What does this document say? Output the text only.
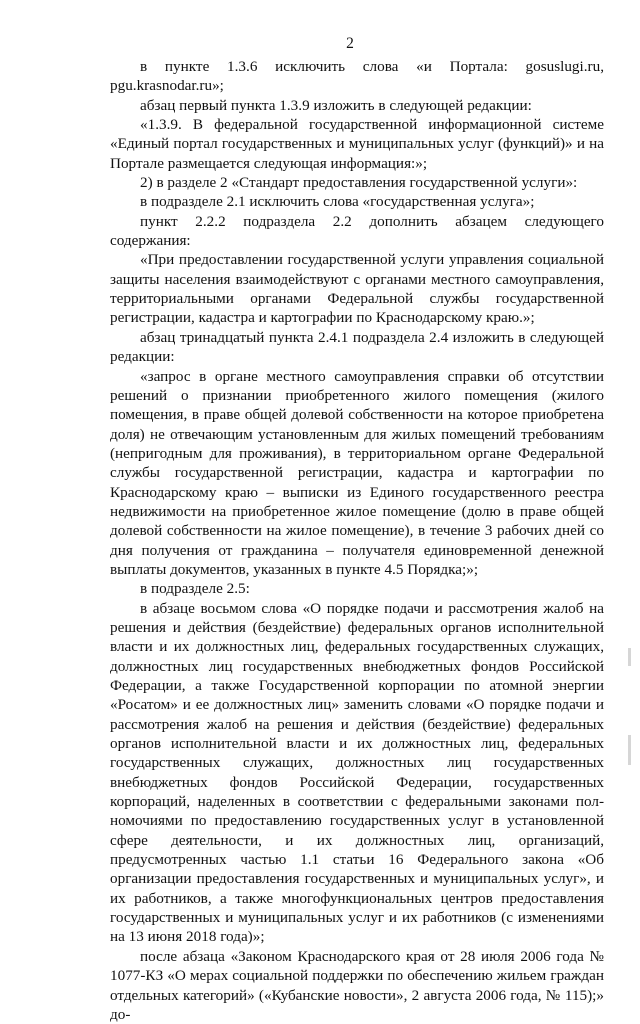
2

в пункте 1.3.6 исключить слова «и Портала: gosuslugi.ru, pgu.krasnodar.ru»;

абзац первый пункта 1.3.9 изложить в следующей редакции:

«1.3.9. В федеральной государственной информационной системе «Единый портал государственных и муниципальных услуг (функций)» и на Портале размещается следующая информация:»;

2) в разделе 2 «Стандарт предоставления государственной услуги»:

в подразделе 2.1 исключить слова «государственная услуга»;

пункт 2.2.2 подраздела 2.2 дополнить абзацем следующего содержания:

«При предоставлении государственной услуги управления социальной защиты населения взаимодействуют с органами местного самоуправления, территориальными органами Федеральной службы государственной регистрации, кадастра и картографии по Краснодарскому краю.»;

абзац тринадцатый пункта 2.4.1 подраздела 2.4 изложить в следующей редакции:

«запрос в органе местного самоуправления справки об отсутствии решений о признании приобретенного жилого помещения (жилого помещения, в праве общей долевой собственности на которое приобретена доля) не отвечающим установленным для жилых помещений требованиям (непригодным для проживания), в территориальном органе Федеральной службы государственной регистрации, кадастра и картографии по Краснодарскому краю – выписки из Единого государственного реестра недвижимости на приобретенное жилое помещение (долю в праве общей долевой собственности на жилое помещение), в течение 3 рабочих дней со дня получения от гражданина – получателя единовременной денежной выплаты документов, указанных в пункте 4.5 Порядка;»;

в подразделе 2.5:

в абзаце восьмом слова «О порядке подачи и рассмотрения жалоб на решения и действия (бездействие) федеральных органов исполнительной власти и их должностных лиц, федеральных государственных служащих, должностных лиц государственных внебюджетных фондов Российской Федерации, а также Государственной корпорации по атомной энергии «Росатом» и ее должностных лиц» заменить словами «О порядке подачи и рассмотрения жалоб на решения и действия (бездействие) федеральных органов исполнительной власти и их должностных лиц, федеральных государственных служащих, должностных лиц государственных внебюджетных фондов Российской Федерации, государственных корпораций, наделенных в соответствии с федеральными законами полномочиями по предоставлению государственных услуг в установленной сфере деятельности, и их должностных лиц, организаций, предусмотренных частью 1.1 статьи 16 Федерального закона «Об организации предоставления государственных и муниципальных услуг», и их работников, а также многофункциональных центров предоставления государственных и муниципальных услуг и их работников (с изменениями на 13 июня 2018 года)»;

после абзаца «Законом Краснодарского края от 28 июля 2006 года № 1077-КЗ «О мерах социальной поддержки по обеспечению жильем граждан отдельных категорий» («Кубанские новости», 2 августа 2006 года, № 115);» до-
